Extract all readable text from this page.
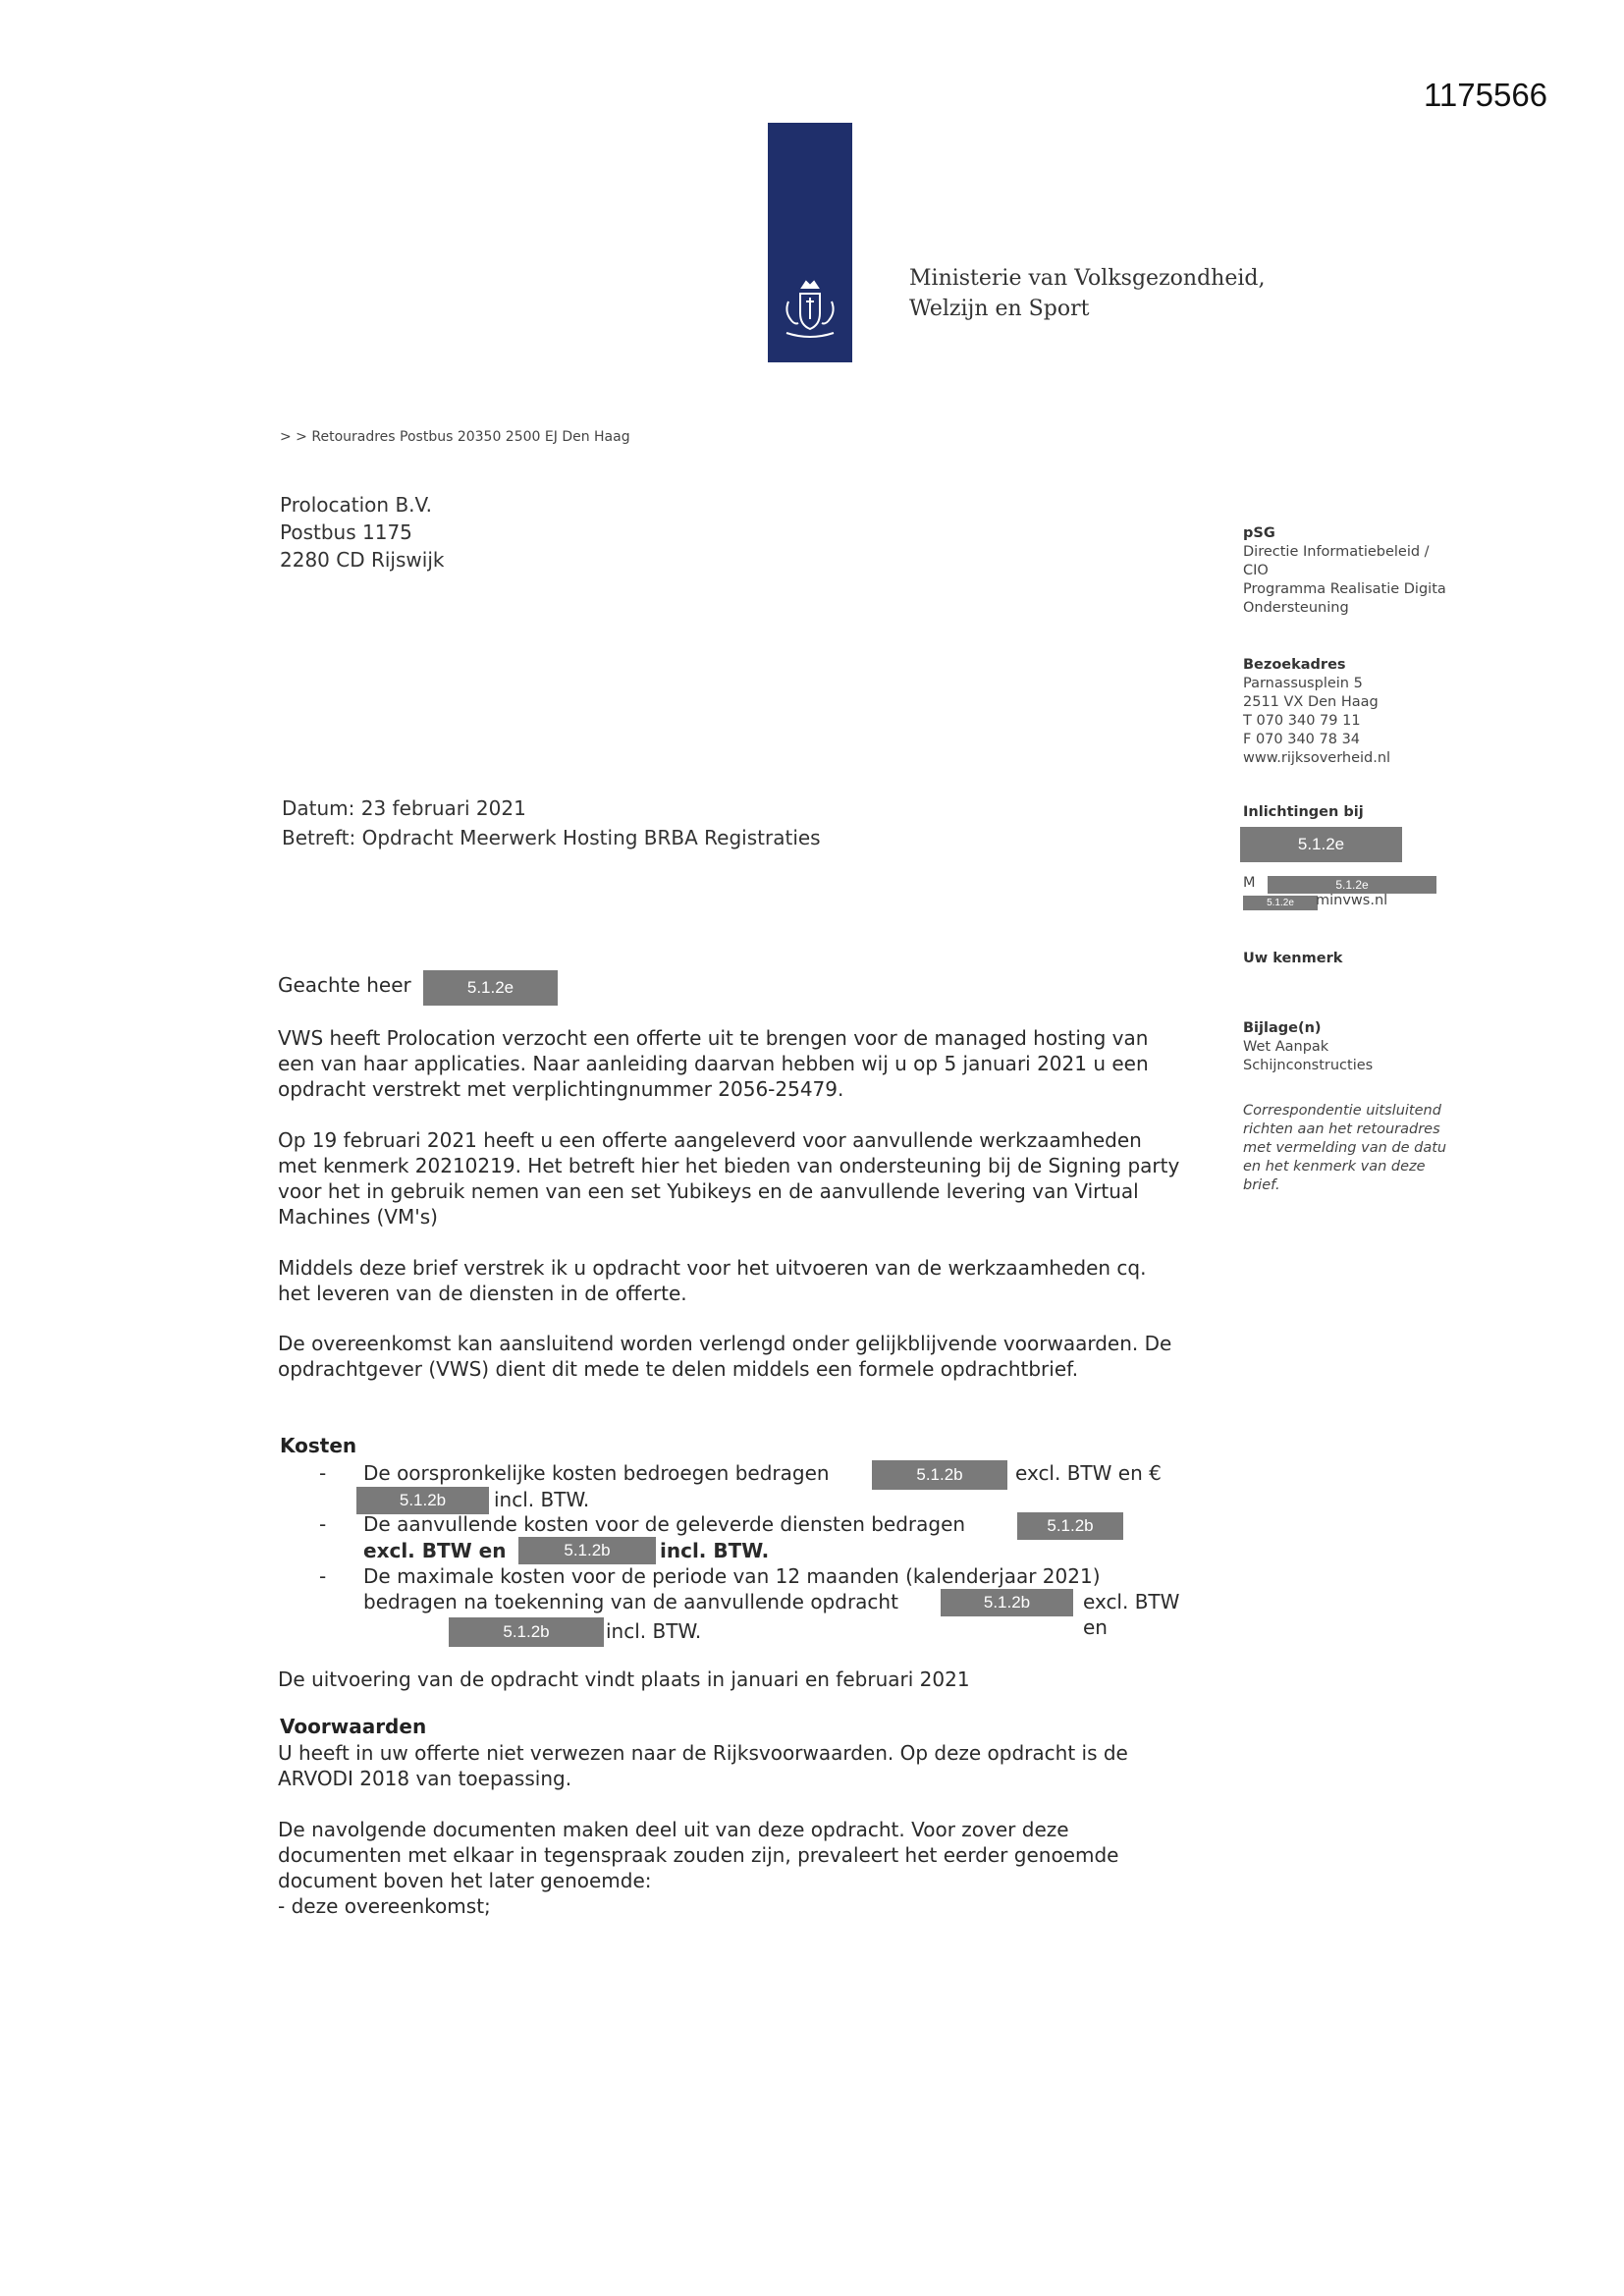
1175566
Ministerie van Volksgezondheid,
Welzijn en Sport
> > Retouradres Postbus 20350 2500 EJ Den Haag
Prolocation B.V.
Postbus 1175
2280 CD Rijswijk
pSG
Directie Informatiebeleid /
CIO
Programma Realisatie Digita
Ondersteuning
Bezoekadres
Parnassusplein 5
2511 VX Den Haag
T 070 340 79 11
F 070 340 78 34
www.rijksoverheid.nl
Inlichtingen bij
5.1.2e
M	5.1.2e
5.1.2e	minvws.nl
Uw kenmerk
Bijlage(n)
Wet Aanpak
Schijnconstructies
Correspondentie uitsluitend
richten aan het retouradres
met vermelding van de datu
en het kenmerk van deze
brief.
Datum: 23 februari 2021
Betreft: Opdracht Meerwerk Hosting BRBA Registraties
Geachte heer	5.1.2e

VWS heeft Prolocation verzocht een offerte uit te brengen voor de managed hosting van een van haar applicaties. Naar aanleiding daarvan hebben wij u op 5 januari 2021 u een opdracht verstrekt met verplichtingnummer 2056-25479.

Op 19 februari 2021 heeft u een offerte aangeleverd voor aanvullende werkzaamheden met kenmerk 20210219. Het betreft hier het bieden van ondersteuning bij de Signing party voor het in gebruik nemen van een set Yubikeys en de aanvullende levering van Virtual Machines (VM's)

Middels deze brief verstrek ik u opdracht voor het uitvoeren van de werkzaamheden cq. het leveren van de diensten in de offerte.

De overeenkomst kan aansluitend worden verlengd onder gelijkblijvende voorwaarden. De opdrachtgever (VWS) dient dit mede te delen middels een formele opdrachtbrief.

Kosten
- De oorspronkelijke kosten bedroegen bedragen	5.1.2b	excl. BTW en €
5.1.2b	incl. BTW.
- De aanvullende kosten voor de geleverde diensten bedragen	5.1.2b
excl. BTW en	5.1.2b	incl. BTW.
- De maximale kosten voor de periode van 12 maanden (kalenderjaar 2021) bedragen na toekenning van de aanvullende opdracht	5.1.2b	excl. BTW en
5.1.2b	incl. BTW.

De uitvoering van de opdracht vindt plaats in januari en februari 2021

Voorwaarden

U heeft in uw offerte niet verwezen naar de Rijksvoorwaarden. Op deze opdracht is de ARVODI 2018 van toepassing.

De navolgende documenten maken deel uit van deze opdracht. Voor zover deze documenten met elkaar in tegenspraak zouden zijn, prevaleert het eerder genoemde document boven het later genoemde:

- deze overeenkomst;
